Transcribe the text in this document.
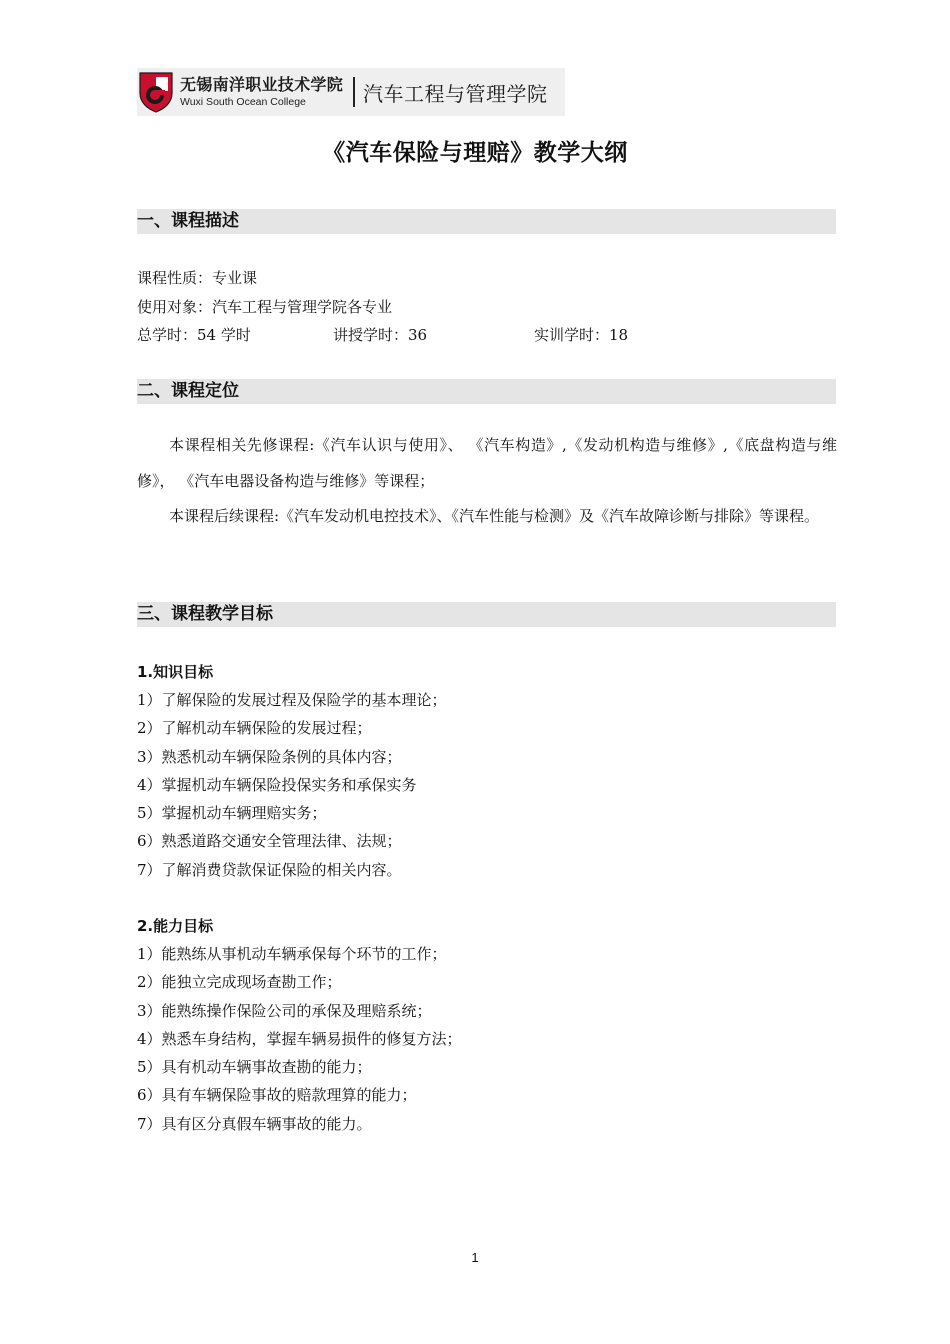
无锡南洋职业技术学院
Wuxi South Ocean College	汽车工程与管理学院
《汽车保险与理赔》教学大纲
一、课程描述
课程性质：专业课
使用对象：汽车工程与管理学院各专业
总学时：54 学时	讲授学时：36	实训学时：18
二、课程定位
本课程相关先修课程:《汽车认识与使用》、 《汽车构造》,《发动机构造与维修》,《底盘构造与维修》， 《汽车电器设备构造与维修》等课程；
本课程后续课程:《汽车发动机电控技术》、《汽车性能与检测》及《汽车故障诊断与排除》等课程。
三、课程教学目标
1.知识目标
1）了解保险的发展过程及保险学的基本理论；
2）了解机动车辆保险的发展过程；
3）熟悉机动车辆保险条例的具体内容；
4）掌握机动车辆保险投保实务和承保实务
5）掌握机动车辆理赔实务；
6）熟悉道路交通安全管理法律、法规；
7）了解消费贷款保证保险的相关内容。
2.能力目标
1）能熟练从事机动车辆承保每个环节的工作；
2）能独立完成现场查勘工作；
3）能熟练操作保险公司的承保及理赔系统；
4）熟悉车身结构，掌握车辆易损件的修复方法；
5）具有机动车辆事故查勘的能力；
6）具有车辆保险事故的赔款理算的能力；
7）具有区分真假车辆事故的能力。
1
